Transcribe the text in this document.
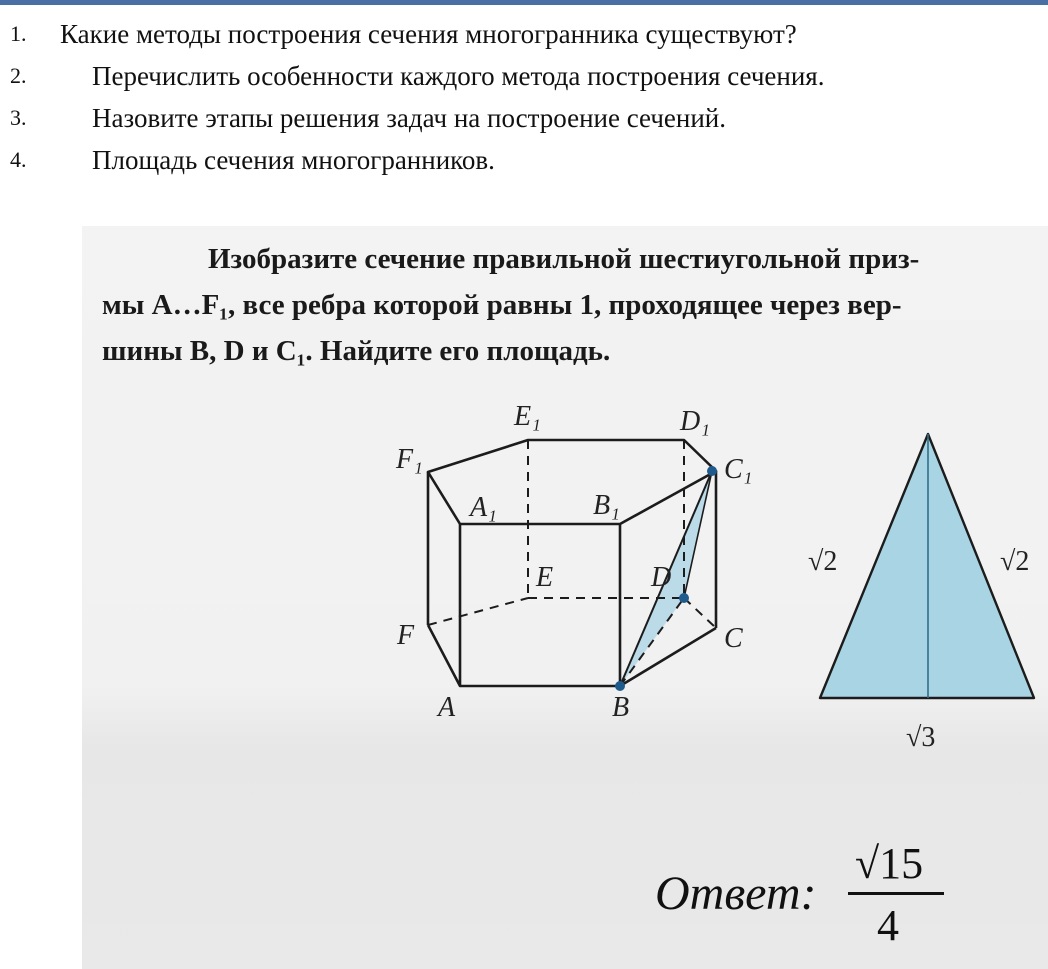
1. Какие методы построения сечения многогранника существуют?
2. Перечислить особенности каждого метода построения сечения.
3. Назовите этапы решения задач на построение сечений.
4. Площадь сечения многогранников.
Изобразите сечение правильной шестиугольной приз-
мы A…F₁, все ребра которой равны 1, проходящее через вер-
шины B, D и C₁. Найдите его площадь.
E₁	D₁
F₁	C₁
A₁	B₁
E	D
F	C
A	B
√2	√2
√3
Ответ:
√15
4
